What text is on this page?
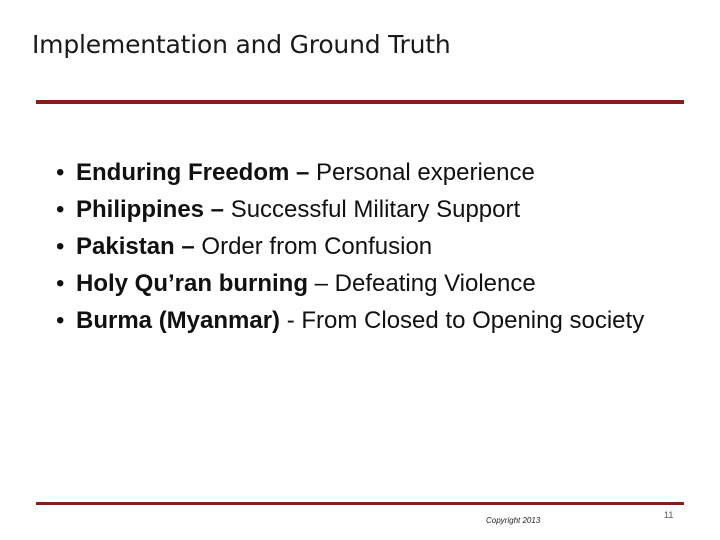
Implementation and Ground Truth
• Enduring Freedom – Personal experience
• Philippines – Successful Military Support
• Pakistan – Order from Confusion
• Holy Qu’ran burning – Defeating Violence
• Burma (Myanmar) - From Closed to Opening society
Copyright 2013
11
